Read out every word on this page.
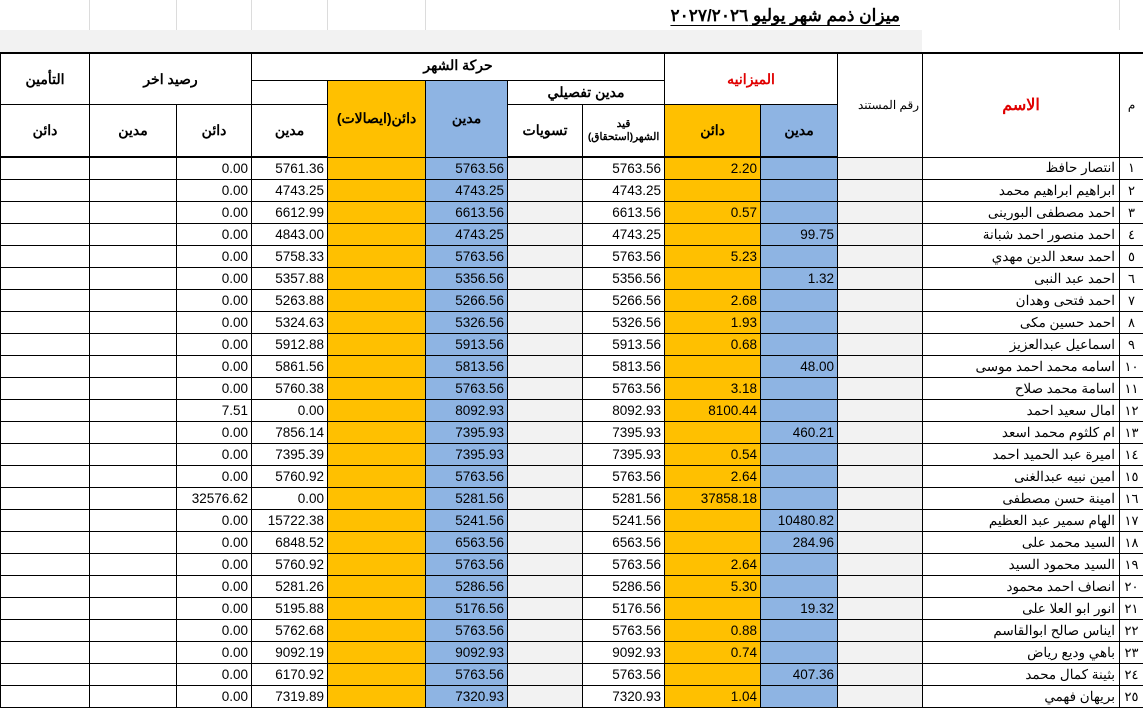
ميزان ذمم شهر يوليو ٢٠٢٧/٢٠٢٦
م	الاسم	رقم المستند	الميزانيه		حركة الشهر					رصيد اخر		التأمين
					مدين تفصيلي		مدين	دائن(ايصالات)				
			مدين	دائن	قيد الشهر(استحقاق)	تسويات			مدين	دائن	مدين	دائن
١	انتصار حافظ			2.20	5763.56		5763.56		5761.36	0.00		
٢	ابراهيم ابراهيم محمد				4743.25		4743.25		4743.25	0.00		
٣	احمد مصطفى البورينى			0.57	6613.56		6613.56		6612.99	0.00		
٤	احمد منصور احمد شبانة		99.75		4743.25		4743.25		4843.00	0.00		
٥	احمد سعد الدين مهدي			5.23	5763.56		5763.56		5758.33	0.00		
٦	احمد عبد النبى		1.32		5356.56		5356.56		5357.88	0.00		
٧	احمد فتحى وهدان			2.68	5266.56		5266.56		5263.88	0.00		
٨	احمد حسين مكى			1.93	5326.56		5326.56		5324.63	0.00		
٩	اسماعيل عبدالعزيز			0.68	5913.56		5913.56		5912.88	0.00		
١٠	اسامه محمد احمد موسى		48.00		5813.56		5813.56		5861.56	0.00		
١١	اسامة محمد صلاح			3.18	5763.56		5763.56		5760.38	0.00		
١٢	امال سعيد احمد			8100.44	8092.93		8092.93		0.00	7.51		
١٣	ام كلثوم محمد اسعد		460.21		7395.93		7395.93		7856.14	0.00		
١٤	اميرة عبد الحميد احمد			0.54	7395.93		7395.93		7395.39	0.00		
١٥	امين نبيه عبدالغنى			2.64	5763.56		5763.56		5760.92	0.00		
١٦	امينة حسن مصطفى			37858.18	5281.56		5281.56		0.00	32576.62		
١٧	الهام سمير عبد العظيم		10480.82		5241.56		5241.56		15722.38	0.00		
١٨	السيد محمد على		284.96		6563.56		6563.56		6848.52	0.00		
١٩	السيد محمود السيد			2.64	5763.56		5763.56		5760.92	0.00		
٢٠	انصاف احمد محمود			5.30	5286.56		5286.56		5281.26	0.00		
٢١	انور ابو العلا على		19.32		5176.56		5176.56		5195.88	0.00		
٢٢	ايناس صالح ابوالقاسم			0.88	5763.56		5763.56		5762.68	0.00		
٢٣	باهي وديع رياض			0.74	9092.93		9092.93		9092.19	0.00		
٢٤	بثينة كمال محمد		407.36		5763.56		5763.56		6170.92	0.00		
٢٥	بريهان فهمي			1.04	7320.93		7320.93		7319.89	0.00		
